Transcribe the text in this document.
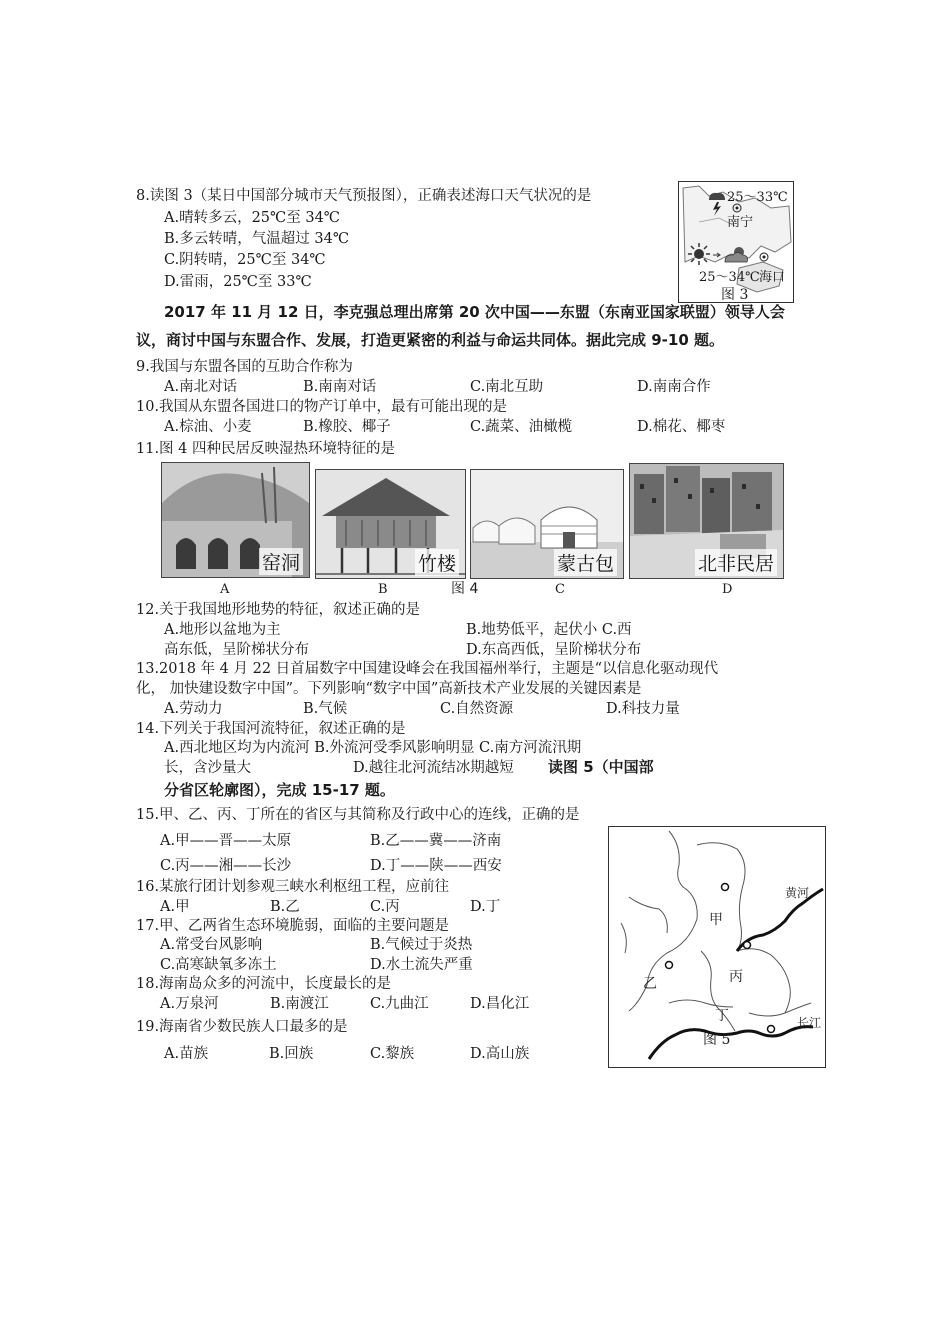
8.读图 3（某日中国部分城市天气预报图），正确表述海口天气状况的是
A.晴转多云，25℃至 34℃
B.多云转晴，气温超过 34℃
C.阴转晴，25℃至 34℃
D.雷雨，25℃至 33℃
25～33℃
南宁
25～34℃ 海口
图 3
2017 年 11 月 12 日，李克强总理出席第 20 次中国——东盟（东南亚国家联盟）领导人会
议，商讨中国与东盟合作、发展，打造更紧密的利益与命运共同体。据此完成 9-10 题。
9.我国与东盟各国的互助合作称为
A.南北对话	B.南南对话	C.南北互助	D.南南合作
10.我国从东盟各国进口的物产订单中，最有可能出现的是
A.棕油、小麦	B.橡胶、椰子	C.蔬菜、油橄榄	D.棉花、椰枣
11.图 4 四种民居反映湿热环境特征的是
窑洞	竹楼	蒙古包	北非民居
A	B	图 4	C	D
12.关于我国地形地势的特征，叙述正确的是
A.地形以盆地为主	B.地势低平，起伏小 C.西
高东低，呈阶梯状分布	D.东高西低，呈阶梯状分布
13.2018 年 4 月 22 日首届数字中国建设峰会在我国福州举行，主题是“以信息化驱动现代
化， 加快建设数字中国”。下列影响“数字中国”高新技术产业发展的关键因素是
A.劳动力	B.气候	C.自然资源	D.科技力量
14.下列关于我国河流特征，叙述正确的是
A.西北地区均为内流河 B.外流河受季风影响明显 C.南方河流汛期
长，含沙量大	D.越往北河流结冰期越短 读图 5（中国部
分省区轮廓图），完成 15-17 题。
15.甲、乙、丙、丁所在的省区与其简称及行政中心的连线，正确的是
A.甲——晋——太原	B.乙——冀——济南
C.丙——湘——长沙	D.丁——陕——西安
16.某旅行团计划参观三峡水利枢纽工程，应前往
A.甲	B.乙	C.丙	D.丁
17.甲、乙两省生态环境脆弱，面临的主要问题是
A.常受台风影响	B.气候过于炎热
C.高寒缺氧多冻土	D.水土流失严重
18.海南岛众多的河流中，长度最长的是
A.万泉河	B.南渡江	C.九曲江	D.昌化江
19.海南省少数民族人口最多的是
A.苗族	B.回族	C.黎族	D.高山族
黄河
甲
乙	丙
丁	长江
图 5
